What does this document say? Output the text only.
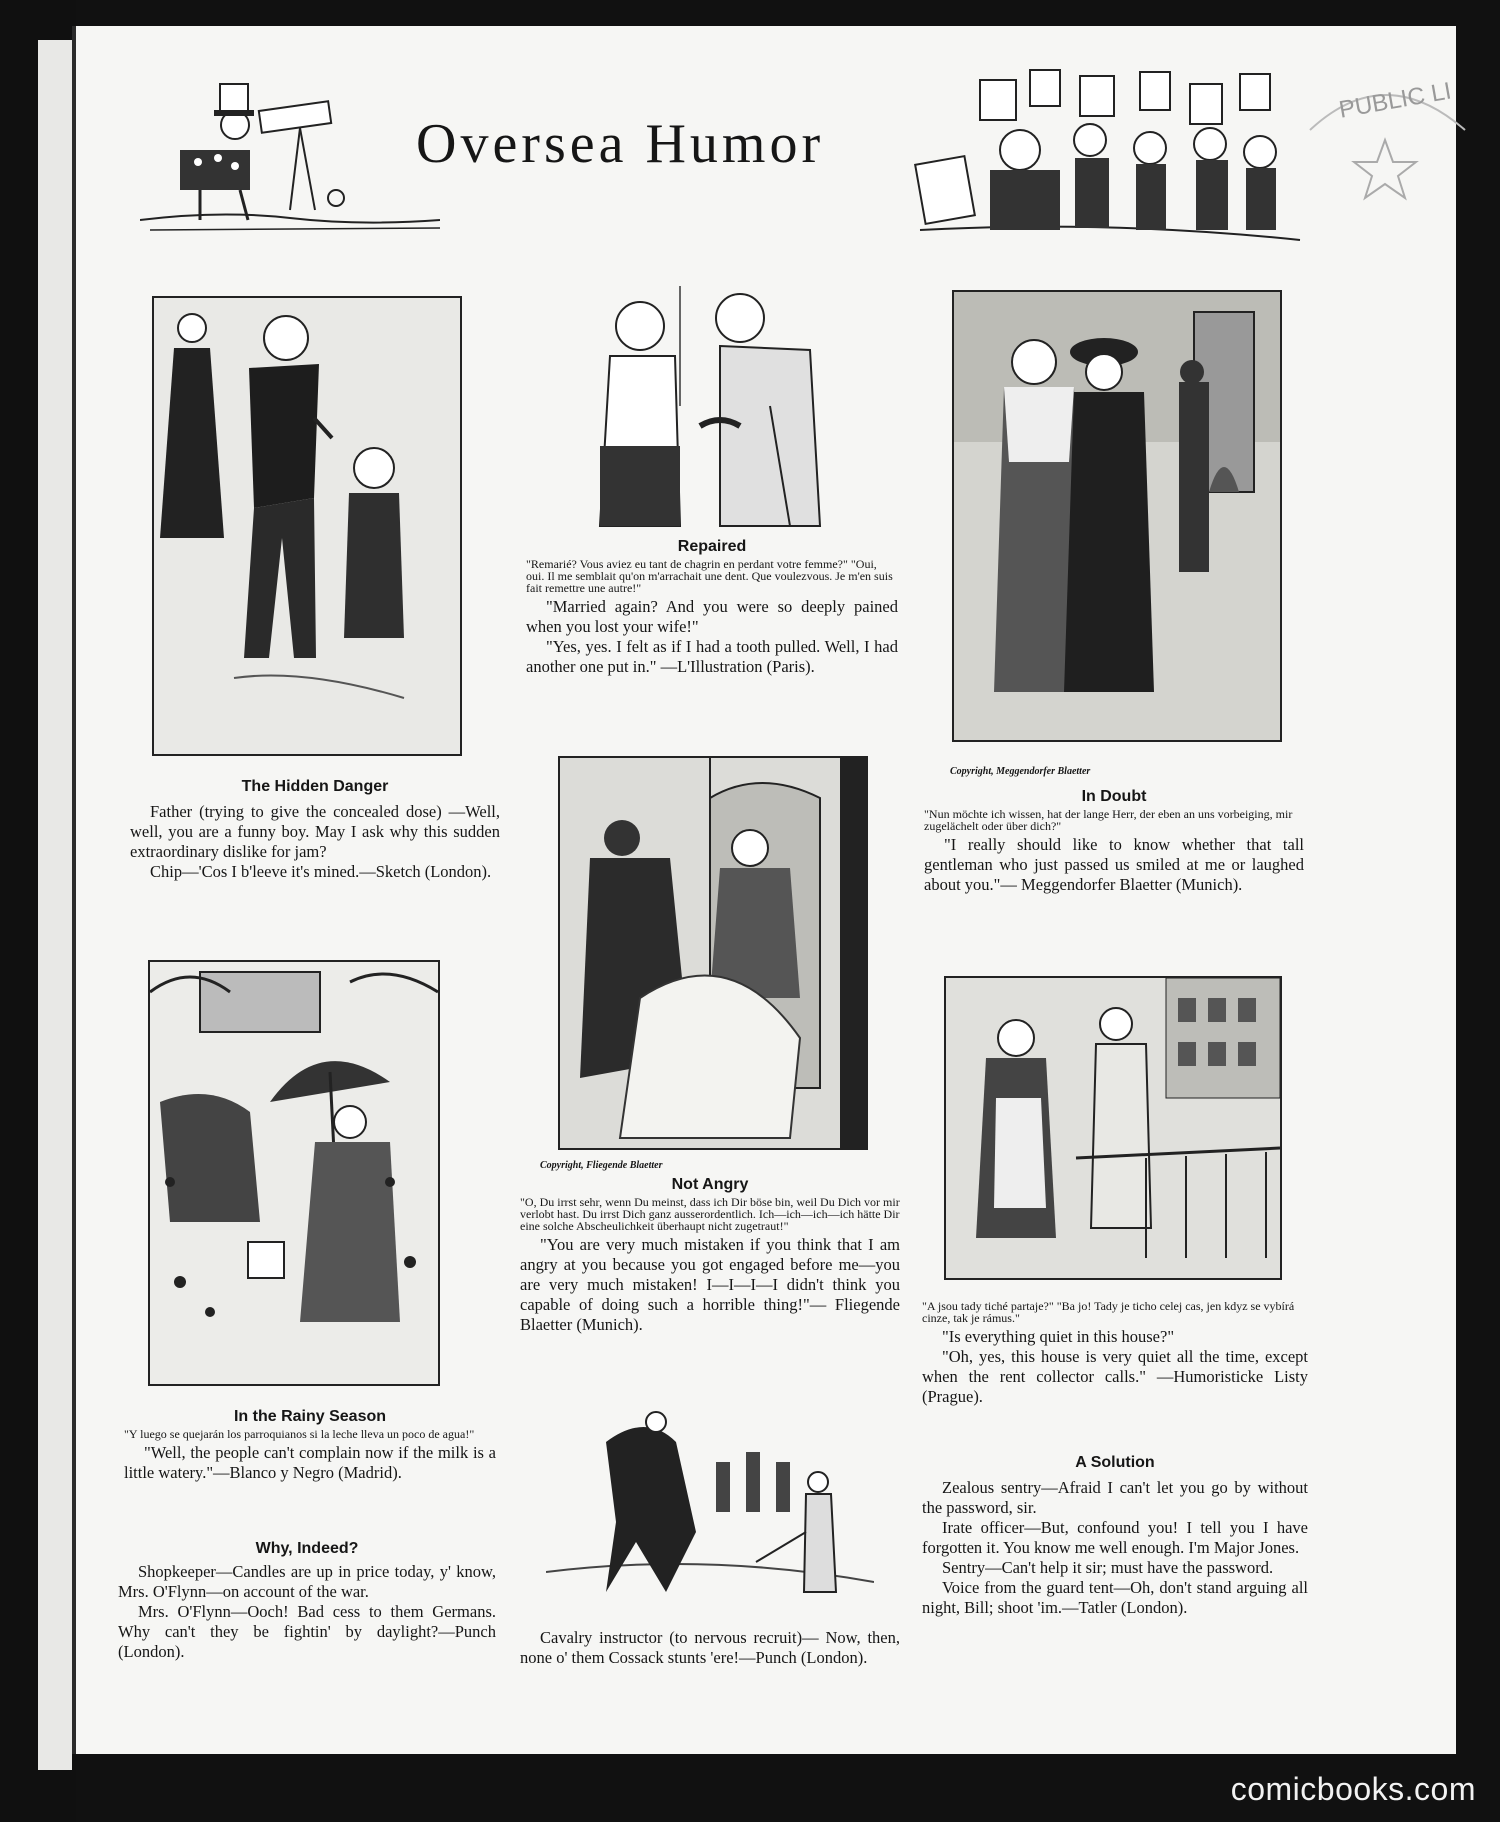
Oversea Humor
PUBLIC LI
The Hidden Danger

Father (trying to give the concealed dose) —Well, well, you are a funny boy. May I ask why this sudden extraordinary dislike for jam?

Chip—'Cos I b'leeve it's mined.—Sketch (London).

In the Rainy Season
"Y luego se quejarán los parroquianos si la leche lleva un poco de agua!"

"Well, the people can't complain now if the milk is a little watery."—Blanco y Negro (Madrid).

Why, Indeed?

Shopkeeper—Candles are up in price today, y' know, Mrs. O'Flynn—on account of the war.

Mrs. O'Flynn—Ooch! Bad cess to them Germans. Why can't they be fightin' by daylight?—Punch (London).

Repaired
"Remarié? Vous aviez eu tant de chagrin en perdant votre femme?" "Oui, oui. Il me semblait qu'on m'arrachait une dent. Que voulezvous. Je m'en suis fait remettre une autre!"

"Married again? And you were so deeply pained when you lost your wife!"

"Yes, yes. I felt as if I had a tooth pulled. Well, I had another one put in." —L'Illustration (Paris).

Copyright, Fliegende Blaetter
Not Angry
"O, Du irrst sehr, wenn Du meinst, dass ich Dir böse bin, weil Du Dich vor mir verlobt hast. Du irrst Dich ganz ausserordentlich. Ich—ich—ich—ich hätte Dir eine solche Abscheulichkeit überhaupt nicht zugetraut!"

"You are very much mistaken if you think that I am angry at you because you got engaged before me—you are very much mistaken! I—I—I—I didn't think you capable of doing such a horrible thing!"— Fliegende Blaetter (Munich).

Cavalry instructor (to nervous recruit)— Now, then, none o' them Cossack stunts 'ere!—Punch (London).

Copyright, Meggendorfer Blaetter
In Doubt
"Nun möchte ich wissen, hat der lange Herr, der eben an uns vorbeiging, mir zugelächelt oder über dich?"

"I really should like to know whether that tall gentleman who just passed us smiled at me or laughed about you."— Meggendorfer Blaetter (Munich).

"A jsou tady tiché partaje?" "Ba jo! Tady je ticho celej cas, jen kdyz se vybírá cinze, tak je rámus."

"Is everything quiet in this house?"

"Oh, yes, this house is very quiet all the time, except when the rent collector calls." —Humoristicke Listy (Prague).

A Solution

Zealous sentry—Afraid I can't let you go by without the password, sir.

Irate officer—But, confound you! I tell you I have forgotten it. You know me well enough. I'm Major Jones.

Sentry—Can't help it sir; must have the password.

Voice from the guard tent—Oh, don't stand arguing all night, Bill; shoot 'im.—Tatler (London).

comicbooks.com
